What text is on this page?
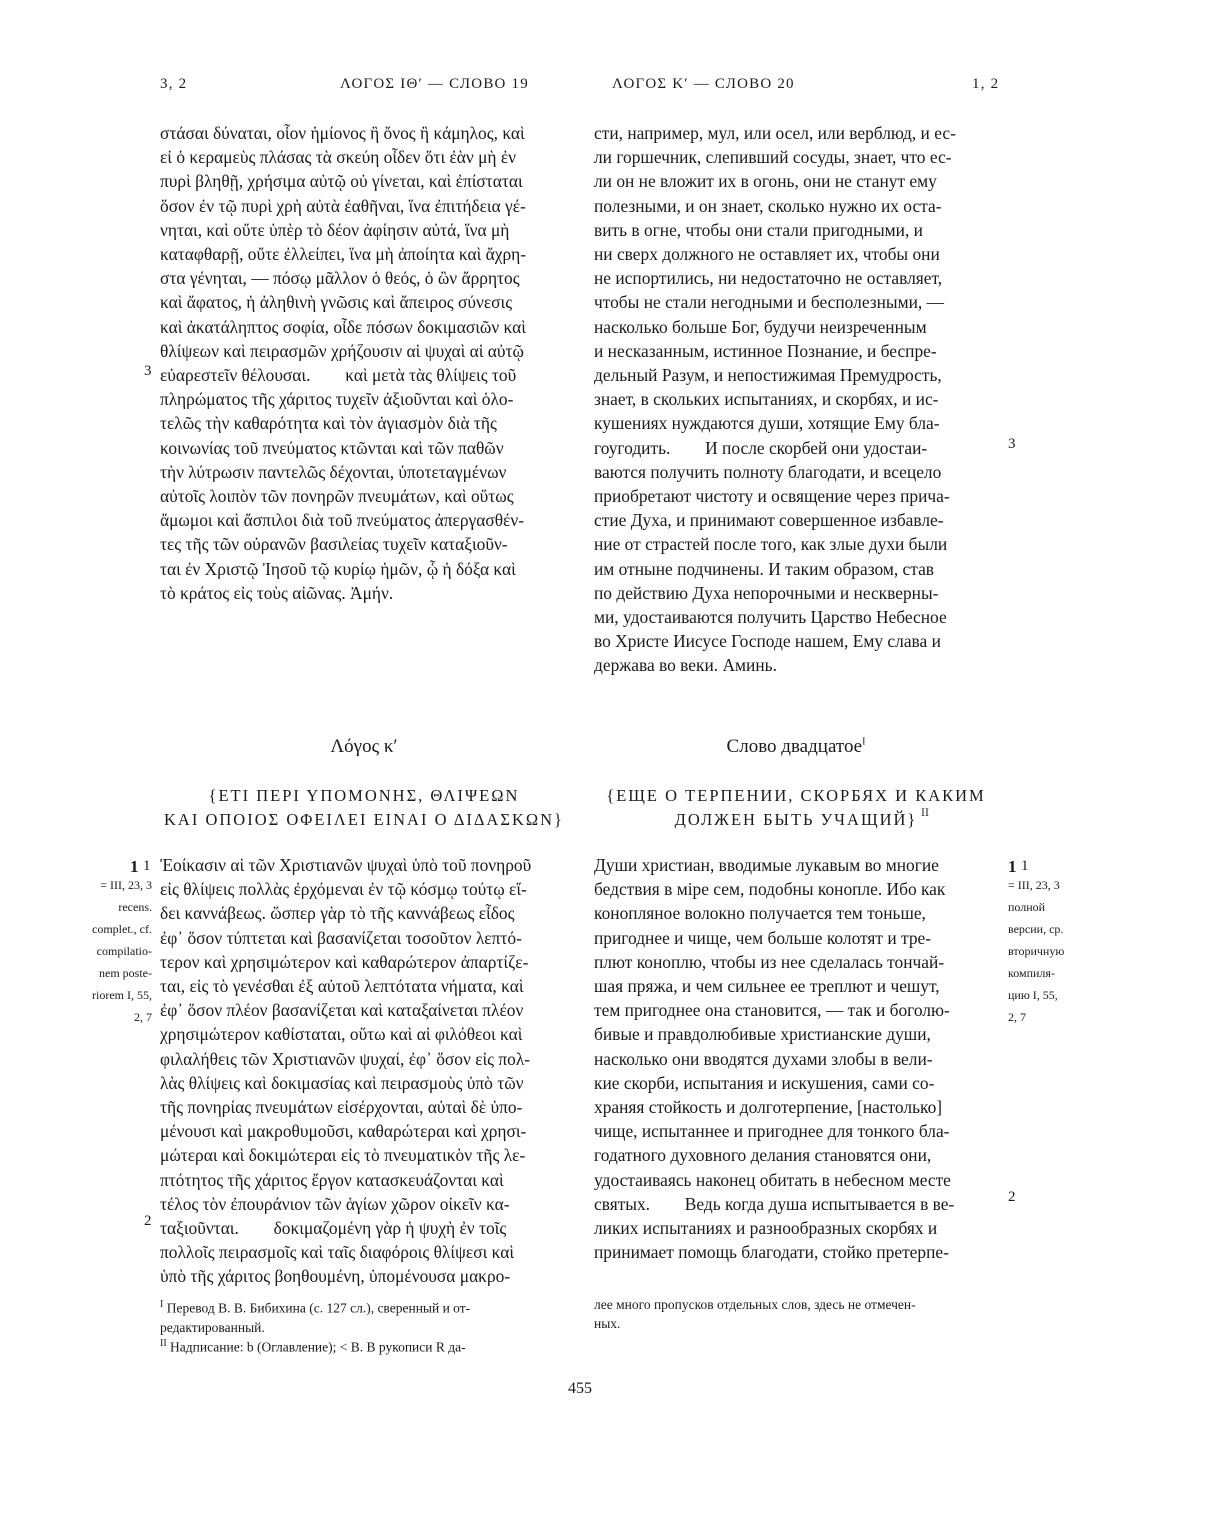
3, 2	ΛΟΓΟΣ ΙΘʹ — СЛОВО 19	ΛΟΓΟΣ Κʹ — СЛОВО 20	1, 2
στάσαι δύναται, οἷον ἡμίονος ἢ ὄνος ἢ κάμηλος, καὶ
εἰ ὁ κεραμεὺς πλάσας τὰ σκεύη οἶδεν ὅτι ἐὰν μὴ ἐν
πυρὶ βληθῇ, χρήσιμα αὐτῷ οὐ γίνεται, καὶ ἐπίσταται
ὅσον ἐν τῷ πυρὶ χρὴ αὐτὰ ἐαθῆναι, ἵνα ἐπιτήδεια γέ-
νηται, καὶ οὔτε ὑπὲρ τὸ δέον ἀφίησιν αὐτά, ἵνα μὴ
καταφθαρῇ, οὔτε ἐλλείπει, ἵνα μὴ ἀποίητα καὶ ἄχρη-
στα γένηται, — πόσῳ μᾶλλον ὁ θεός, ὁ ὢν ἄρρητος
καὶ ἄφατος, ἡ ἀληθινὴ γνῶσις καὶ ἄπειρος σύνεσις
καὶ ἀκατάληπτος σοφία, οἶδε πόσων δοκιμασιῶν καὶ
θλίψεων καὶ πειρασμῶν χρήζουσιν αἱ ψυχαὶ αἱ αὐτῷ
εὐαρεστεῖν θέλουσαι.        καὶ μετὰ τὰς θλίψεις τοῦ
πληρώματος τῆς χάριτος τυχεῖν ἀξιοῦνται καὶ ὁλο-
τελῶς τὴν καθαρότητα καὶ τὸν ἁγιασμὸν διὰ τῆς
κοινωνίας τοῦ πνεύματος κτῶνται καὶ τῶν παθῶν
τὴν λύτρωσιν παντελῶς δέχονται, ὑποτεταγμένων
αὐτοῖς λοιπὸν τῶν πονηρῶν πνευμάτων, καὶ οὕτως
ἄμωμοι καὶ ἄσπιλοι διὰ τοῦ πνεύματος ἀπεργασθέν-
τες τῆς τῶν οὐρανῶν βασιλείας τυχεῖν καταξιοῦν-
ται ἐν Χριστῷ Ἰησοῦ τῷ κυρίῳ ἡμῶν, ᾧ ἡ δόξα καὶ
τὸ κράτος εἰς τοὺς αἰῶνας. Ἀμήν.
3
сти, например, мул, или осел, или верблюд, и ес-
ли горшечник, слепивший сосуды, знает, что ес-
ли он не вложит их в огонь, они не станут ему
полезными, и он знает, сколько нужно их оста-
вить в огне, чтобы они стали пригодными, и
ни сверх должного не оставляет их, чтобы они
не испортились, ни недостаточно не оставляет,
чтобы не стали негодными и бесполезными, —
насколько больше Бог, будучи неизреченным
и несказанным, истинное Познание, и беспре-
дельный Разум, и непостижимая Премудрость,
знает, в скольких испытаниях, и скорбях, и ис-
кушениях нуждаются души, хотящие Ему бла-
гоугодить.        И после скорбей они удостаи-
ваются получить полноту благодати, и всецело
приобретают чистоту и освящение через прича-
стие Духа, и принимают совершенное избавле-
ние от страстей после того, как злые духи были
им отныне подчинены. И таким образом, став
по действию Духа непорочными и нескверны-
ми, удостаиваются получить Царство Небесное
во Христе Иисусе Господе нашем, Ему слава и
держава во веки. Аминь.
3
Λόγος κʹ	Слово двадцатое$^I$
{ΕΤΙ ΠΕΡΙ ΥΠΟΜΟΝΗΣ, ΘΛΙΨΕΩΝ
ΚΑΙ ΟΠΟΙΟΣ ΟΦΕΙΛΕΙ ΕΙΝΑΙ Ο ΔΙΔΑΣΚΩΝ}
{ЕЩЕ О ТЕРПЕНИИ, СКОРБЯХ И КАКИМ
ДОЛЖЕН БЫТЬ УЧАЩИЙ} II
1 1
= III, 23, 3
recens.
complet., cf.
compilatio-
nem poste-
riorem I, 55,
2, 7
Ἐοίκασιν αἱ τῶν Χριστιανῶν ψυχαὶ ὑπὸ τοῦ πονηροῦ
εἰς θλίψεις πολλὰς ἐρχόμεναι ἐν τῷ κόσμῳ τούτῳ εἴ-
δει καννάβεως. ὥσπερ γὰρ τὸ τῆς καννάβεως εἶδος
ἐφ᾽ ὅσον τύπτεται καὶ βασανίζεται τοσοῦτον λεπτό-
τερον καὶ χρησιμώτερον καὶ καθαρώτερον ἀπαρτίζε-
ται, εἰς τὸ γενέσθαι ἐξ αὐτοῦ λεπτότατα νήματα, καὶ
ἐφ᾽ ὅσον πλέον βασανίζεται καὶ καταξαίνεται πλέον
χρησιμώτερον καθίσταται, οὕτω καὶ αἱ φιλόθεοι καὶ
φιλαλήθεις τῶν Χριστιανῶν ψυχαί, ἐφ᾽ ὅσον εἰς πολ-
λὰς θλίψεις καὶ δοκιμασίας καὶ πειρασμοὺς ὑπὸ τῶν
τῆς πονηρίας πνευμάτων εἰσέρχονται, αὐταὶ δὲ ὑπο-
μένουσι καὶ μακροθυμοῦσι, καθαρώτεραι καὶ χρησι-
μώτεραι καὶ δοκιμώτεραι εἰς τὸ πνευματικὸν τῆς λε-
πτότητος τῆς χάριτος ἔργον κατασκευάζονται καὶ
τέλος τὸν ἐπουράνιον τῶν ἁγίων χῶρον οἰκεῖν κα-
ταξιοῦνται.        δοκιμαζομένη γὰρ ἡ ψυχὴ ἐν τοῖς
πολλοῖς πειρασμοῖς καὶ ταῖς διαφόροις θλίψεσι καὶ
ὑπὸ τῆς χάριτος βοηθουμένη, ὑπομένουσα μακρο-
2
Души христиан, вводимые лукавым во многие
бедствия в міре сем, подобны конопле. Ибо как
конопляное волокно получается тем тоньше,
пригоднее и чище, чем больше колотят и тре-
плют коноплю, чтобы из нее сделалась тончай-
шая пряжа, и чем сильнее ее треплют и чешут,
тем пригоднее она становится, — так и боголю-
бивые и правдолюбивые христианские души,
насколько они вводятся духами злобы в вели-
кие скорби, испытания и искушения, сами со-
храняя стойкость и долготерпение, [настолько]
чище, испытаннее и пригоднее для тонкого бла-
годатного духовного делания становятся они,
удостаиваясь наконец обитать в небесном месте
святых.        Ведь когда душа испытывается в ве-
ликих испытаниях и разнообразных скорбях и
принимает помощь благодати, стойко претерпе-
1 1
= III, 23, 3
полной
версии, ср.
вторичную
компиля-
цию I, 55,
2, 7
2
$^I$ Перевод В. В. Бибихина (с. 127 сл.), сверенный и от-
редактированный.
$^{II}$ Надписание: b (Оглавление); < B. В рукописи R да-
лее много пропусков отдельных слов, здесь не отмечен-
ных.
455
